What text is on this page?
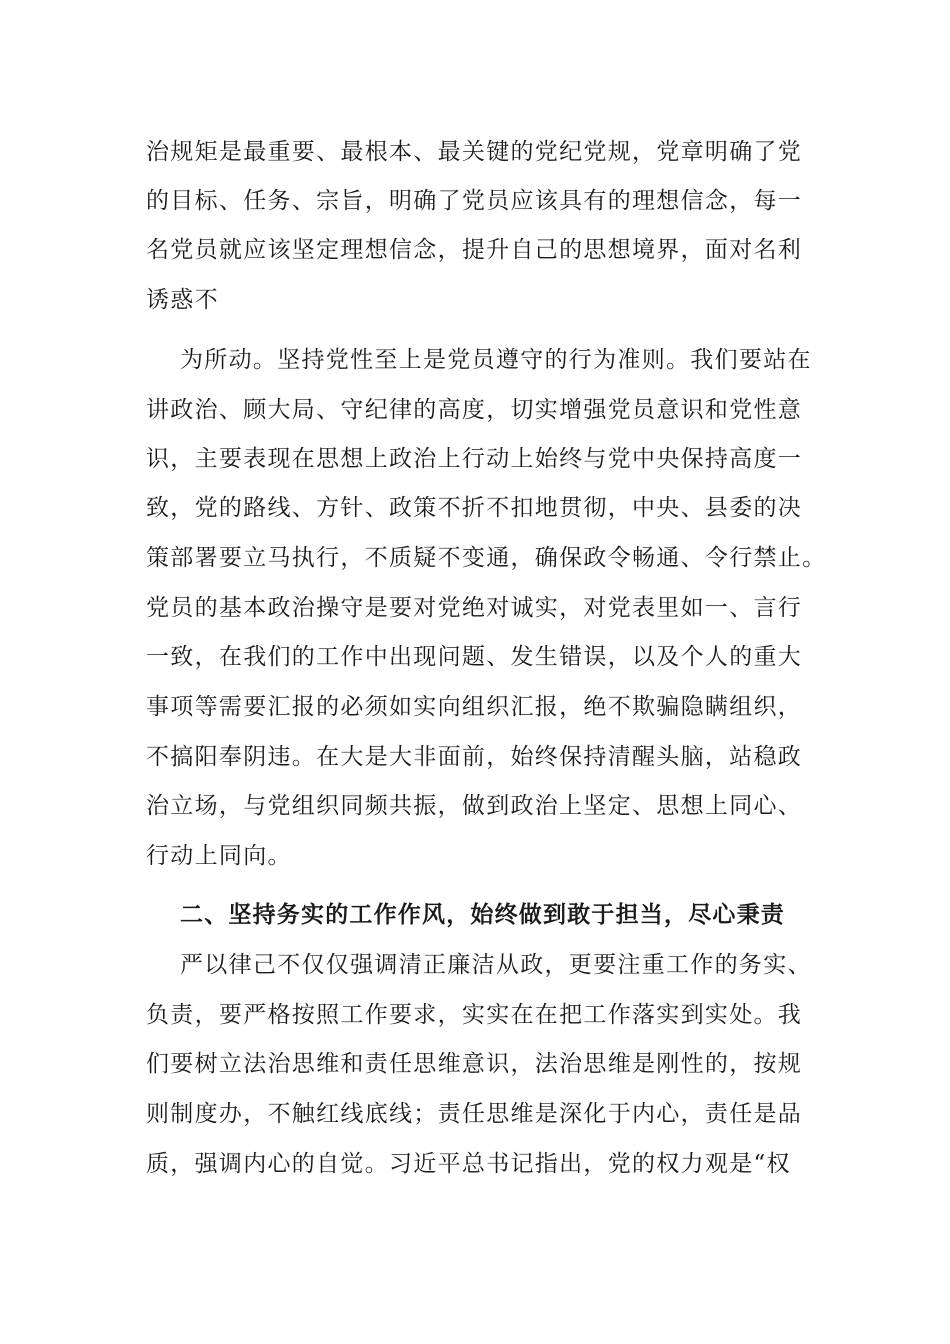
治规矩是最重要、最根本、最关键的党纪党规，党章明确了党
的目标、任务、宗旨，明确了党员应该具有的理想信念，每一
名党员就应该坚定理想信念，提升自己的思想境界，面对名利
诱惑不
为所动。坚持党性至上是党员遵守的行为准则。我们要站在
讲政治、顾大局、守纪律的高度，切实增强党员意识和党性意
识，主要表现在思想上政治上行动上始终与党中央保持高度一
致，党的路线、方针、政策不折不扣地贯彻，中央、县委的决
策部署要立马执行，不质疑不变通，确保政令畅通、令行禁止。
党员的基本政治操守是要对党绝对诚实，对党表里如一、言行
一致，在我们的工作中出现问题、发生错误，以及个人的重大
事项等需要汇报的必须如实向组织汇报，绝不欺骗隐瞒组织，
不搞阳奉阴违。在大是大非面前，始终保持清醒头脑，站稳政
治立场，与党组织同频共振，做到政治上坚定、思想上同心、
行动上同向。
二、坚持务实的工作作风，始终做到敢于担当，尽心秉责
严以律己不仅仅强调清正廉洁从政，更要注重工作的务实、
负责，要严格按照工作要求，实实在在把工作落实到实处。我
们要树立法治思维和责任思维意识，法治思维是刚性的，按规
则制度办，不触红线底线；责任思维是深化于内心，责任是品
质，强调内心的自觉。习近平总书记指出，党的权力观是“权
